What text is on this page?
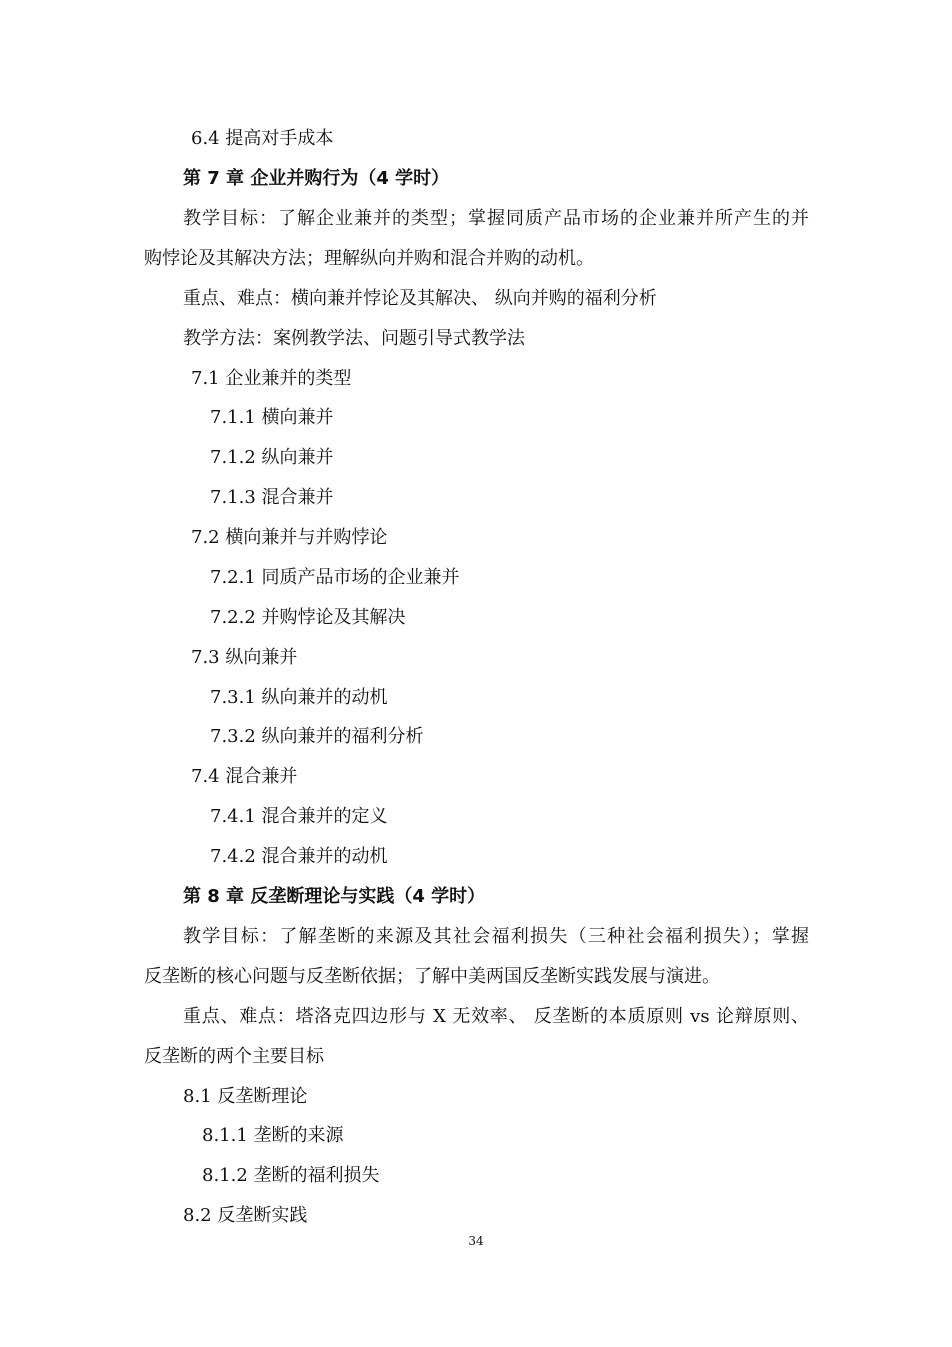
6.4 提高对手成本
第 7 章 企业并购行为（4 学时）
教学目标：了解企业兼并的类型；掌握同质产品市场的企业兼并所产生的并
购悖论及其解决方法；理解纵向并购和混合并购的动机。
重点、难点：横向兼并悖论及其解决、 纵向并购的福利分析
教学方法：案例教学法、问题引导式教学法
7.1 企业兼并的类型
7.1.1 横向兼并
7.1.2 纵向兼并
7.1.3 混合兼并
7.2 横向兼并与并购悖论
7.2.1 同质产品市场的企业兼并
7.2.2 并购悖论及其解决
7.3 纵向兼并
7.3.1 纵向兼并的动机
7.3.2 纵向兼并的福利分析
7.4 混合兼并
7.4.1 混合兼并的定义
7.4.2 混合兼并的动机
第 8 章 反垄断理论与实践（4 学时）
教学目标：了解垄断的来源及其社会福利损失（三种社会福利损失）；掌握
反垄断的核心问题与反垄断依据；了解中美两国反垄断实践发展与演进。
重点、难点：塔洛克四边形与 X 无效率、 反垄断的本质原则 vs 论辩原则、
反垄断的两个主要目标
8.1 反垄断理论
8.1.1 垄断的来源
8.1.2 垄断的福利损失
8.2 反垄断实践
34
